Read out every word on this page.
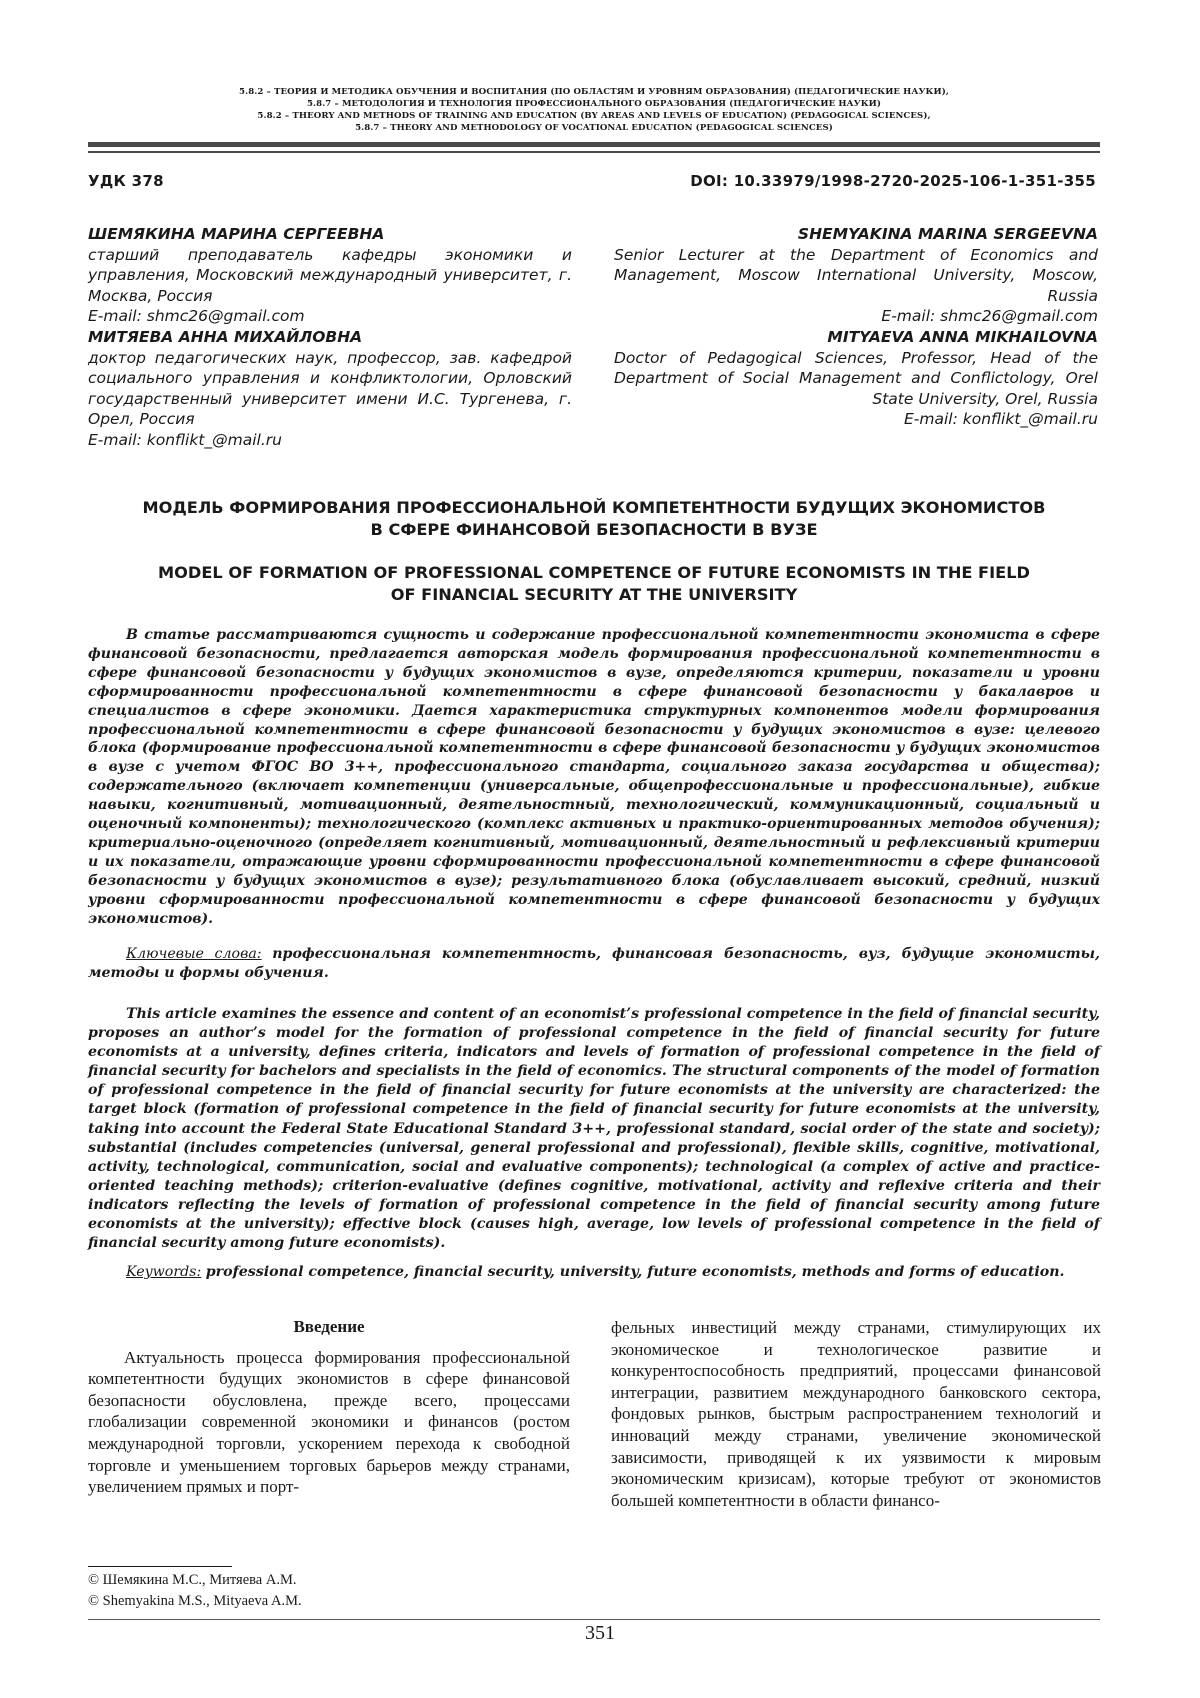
5.8.2 – ТЕОРИЯ И МЕТОДИКА ОБУЧЕНИЯ И ВОСПИТАНИЯ (ПО ОБЛАСТЯМ И УРОВНЯМ ОБРАЗОВАНИЯ) (ПЕДАГОГИЧЕСКИЕ НАУКИ),
5.8.7 – МЕТОДОЛОГИЯ И ТЕХНОЛОГИЯ ПРОФЕССИОНАЛЬНОГО ОБРАЗОВАНИЯ (ПЕДАГОГИЧЕСКИЕ НАУКИ)
5.8.2 – THEORY AND METHODS OF TRAINING AND EDUCATION (BY AREAS AND LEVELS OF EDUCATION) (PEDAGOGICAL SCIENCES),
5.8.7 – THEORY AND METHODOLOGY OF VOCATIONAL EDUCATION (PEDAGOGICAL SCIENCES)
УДК 378	DOI: 10.33979/1998-2720-2025-106-1-351-355

ШЕМЯКИНА МАРИНА СЕРГЕЕВНА

старший преподаватель кафедры экономики и управления, Московский международный университет, г. Москва, Россия

E-mail: shmc26@gmail.com

МИТЯЕВА АННА МИХАЙЛОВНА

доктор педагогических наук, профессор, зав. кафедрой социального управления и конфликтологии, Орловский государственный университет имени И.С. Тургенева, г. Орел, Россия

E-mail: konflikt_@mail.ru

SHEMYAKINA MARINA SERGEEVNA

Senior Lecturer at the Department of Economics and Management, Moscow International University, Moscow, Russia

E-mail: shmc26@gmail.com

MITYAEVA ANNA MIKHAILOVNA

Doctor of Pedagogical Sciences, Professor, Head of the Department of Social Management and Conflictology, Orel State University, Orel, Russia

E-mail: konflikt_@mail.ru

МОДЕЛЬ ФОРМИРОВАНИЯ ПРОФЕССИОНАЛЬНОЙ КОМПЕТЕНТНОСТИ БУДУЩИХ ЭКОНОМИСТОВ
В СФЕРЕ ФИНАНСОВОЙ БЕЗОПАСНОСТИ В ВУЗЕ
MODEL OF FORMATION OF PROFESSIONAL COMPETENCE OF FUTURE ECONOMISTS IN THE FIELD
OF FINANCIAL SECURITY AT THE UNIVERSITY

В статье рассматриваются сущность и содержание профессиональной компетентности экономиста в сфере финансовой безопасности, предлагается авторская модель формирования профессиональной компетентности в сфере финансовой безопасности у будущих экономистов в вузе, определяются критерии, показатели и уровни сформированности профессиональной компетентности в сфере финансовой безопасности у бакалавров и специалистов в сфере экономики. Дается характеристика структурных компонентов модели формирования профессиональной компетентности в сфере финансовой безопасности у будущих экономистов в вузе: целевого блока (формирование профессиональной компетентности в сфере финансовой безопасности у будущих экономистов в вузе с учетом ФГОС ВО 3++, профессионального стандарта, социального заказа государства и общества); содержательного (включает компетенции (универсальные, общепрофессиональные и профессиональные), гибкие навыки, когнитивный, мотивационный, деятельностный, технологический, коммуникационный, социальный и оценочный компоненты); технологического (комплекс активных и практико-ориентированных методов обучения); критериально-оценочного (определяет когнитивный, мотивационный, деятельностный и рефлексивный критерии и их показатели, отражающие уровни сформированности профессиональной компетентности в сфере финансовой безопасности у будущих экономистов в вузе); результативного блока (обуславливает высокий, средний, низкий уровни сформированности профессиональной компетентности в сфере финансовой безопасности у будущих экономистов).

Ключевые слова: профессиональная компетентность, финансовая безопасность, вуз, будущие экономисты, методы и формы обучения.

This article examines the essence and content of an economist’s professional competence in the field of financial security, proposes an author’s model for the formation of professional competence in the field of financial security for future economists at a university, defines criteria, indicators and levels of formation of professional competence in the field of financial security for bachelors and specialists in the field of economics. The structural components of the model of formation of professional competence in the field of financial security for future economists at the university are characterized: the target block (formation of professional competence in the field of financial security for future economists at the university, taking into account the Federal State Educational Standard 3++, professional standard, social order of the state and society); substantial (includes competencies (universal, general professional and professional), flexible skills, cognitive, motivational, activity, technological, communication, social and evaluative components); technological (a complex of active and practice-oriented teaching methods); criterion-evaluative (defines cognitive, motivational, activity and reflexive criteria and their indicators reflecting the levels of formation of professional competence in the field of financial security among future economists at the university); effective block (causes high, average, low levels of professional competence in the field of financial security among future economists).

Keywords: professional competence, financial security, university, future economists, methods and forms of education.

Введение

Актуальность процесса формирования профессиональной компетентности будущих экономистов в сфере финансовой безопасности обусловлена, прежде всего, процессами глобализации современной экономики и финансов (ростом международной торговли, ускорением перехода к свободной торговле и уменьшением торговых барьеров между странами, увеличением прямых и порт-

фельных инвестиций между странами, стимулирующих их экономическое и технологическое развитие и конкурентоспособность предприятий, процессами финансовой интеграции, развитием международного банковского сектора, фондовых рынков, быстрым распространением технологий и инноваций между странами, увеличение экономической зависимости, приводящей к их уязвимости к мировым экономическим кризисам), которые требуют от экономистов большей компетентности в области финансо-

© Шемякина М.С., Митяева А.М.
© Shemyakina M.S., Mityaeva A.M.
351
